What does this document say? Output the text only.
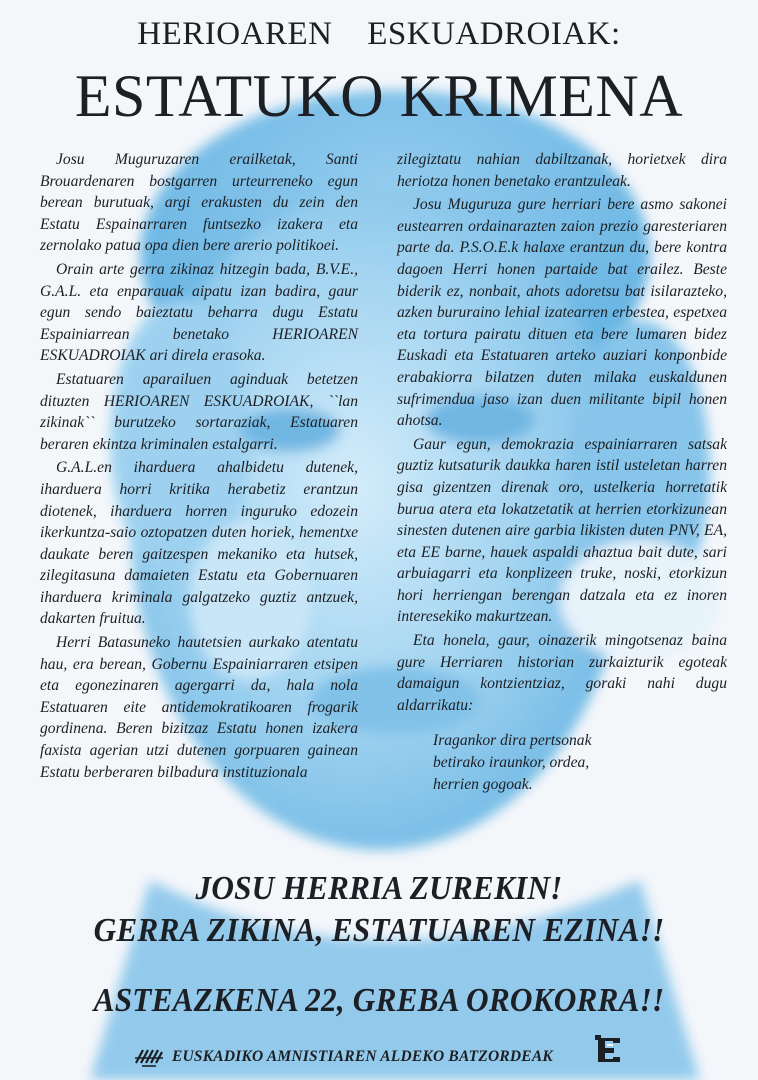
HERIOAREN ESKUADROIAK:
ESTATUKO KRIMENA

Josu Muguruzaren erailketak, Santi Brouardenaren bostgarren urteurreneko egun berean burutuak, argi erakusten du zein den Estatu Espainarraren funtsezko izakera eta zernolako patua opa dien bere arerio politikoei.

Orain arte gerra zikinaz hitzegin bada, B.V.E., G.A.L. eta enparauak aipatu izan badira, gaur egun sendo baieztatu beharra dugu Estatu Espainiarrean benetako HERIOAREN ESKUADROIAK ari direla erasoka.

Estatuaren aparailuen aginduak betetzen dituzten HERIOAREN ESKUADROIAK, ``lan zikinak`` burutzeko sortaraziak, Estatuaren beraren ekintza kriminalen estalgarri.

G.A.L.en iharduera ahalbidetu dutenek, iharduera horri kritika herabetiz erantzun diotenek, iharduera horren inguruko edozein ikerkuntza-saio oztopatzen duten horiek, hementxe daukate beren gaitzespen mekaniko eta hutsek, zilegitasuna damaieten Estatu eta Gobernuaren iharduera kriminala galgatzeko guztiz antzuek, dakarten fruitua.

Herri Batasuneko hautetsien aurkako atentatu hau, era berean, Gobernu Espainiarraren etsipen eta egonezinaren agergarri da, hala nola Estatuaren eite antidemokratikoaren frogarik gordinena. Beren bizitzaz Estatu honen izakera faxista agerian utzi dutenen gorpuaren gainean Estatu berberaren bilbadura instituzionala

zilegiztatu nahian dabiltzanak, horietxek dira heriotza honen benetako erantzuleak.

Josu Muguruza gure herriari bere asmo sakonei eustearren ordainarazten zaion prezio garesteriaren parte da. P.S.O.E.k halaxe erantzun du, bere kontra dagoen Herri honen partaide bat erailez. Beste biderik ez, nonbait, ahots adoretsu bat isilarazteko, azken bururaino lehial izatearren erbestea, espetxea eta tortura pairatu dituen eta bere lumaren bidez Euskadi eta Estatuaren arteko auziari konponbide erabakiorra bilatzen duten milaka euskaldunen sufrimendua jaso izan duen militante bipil honen ahotsa.

Gaur egun, demokrazia espainiarraren satsak guztiz kutsaturik daukka haren istil usteletan harren gisa gizentzen direnak oro, ustelkeria horretatik burua atera eta lokatzetatik at herrien etorkizunean sinesten dutenen aire garbia likisten duten PNV, EA, eta EE barne, hauek aspaldi ahaztua bait dute, sari arbuiagarri eta konplizeen truke, noski, etorkizun hori herriengan berengan datzala eta ez inoren interesekiko makurtzean.

Eta honela, gaur, oinazerik mingotsenaz baina gure Herriaren historian zurkaizturik egoteak damaigun kontzientziaz, goraki nahi dugu aldarrikatu:

Iragankor dira pertsonak
betirako iraunkor, ordea,
herrien gogoak.
JOSU HERRIA ZUREKIN!
GERRA ZIKINA, ESTATUAREN EZINA!!
ASTEAZKENA 22, GREBA OROKORRA!!
EUSKADIKO AMNISTIAREN ALDEKO BATZORDEAK
